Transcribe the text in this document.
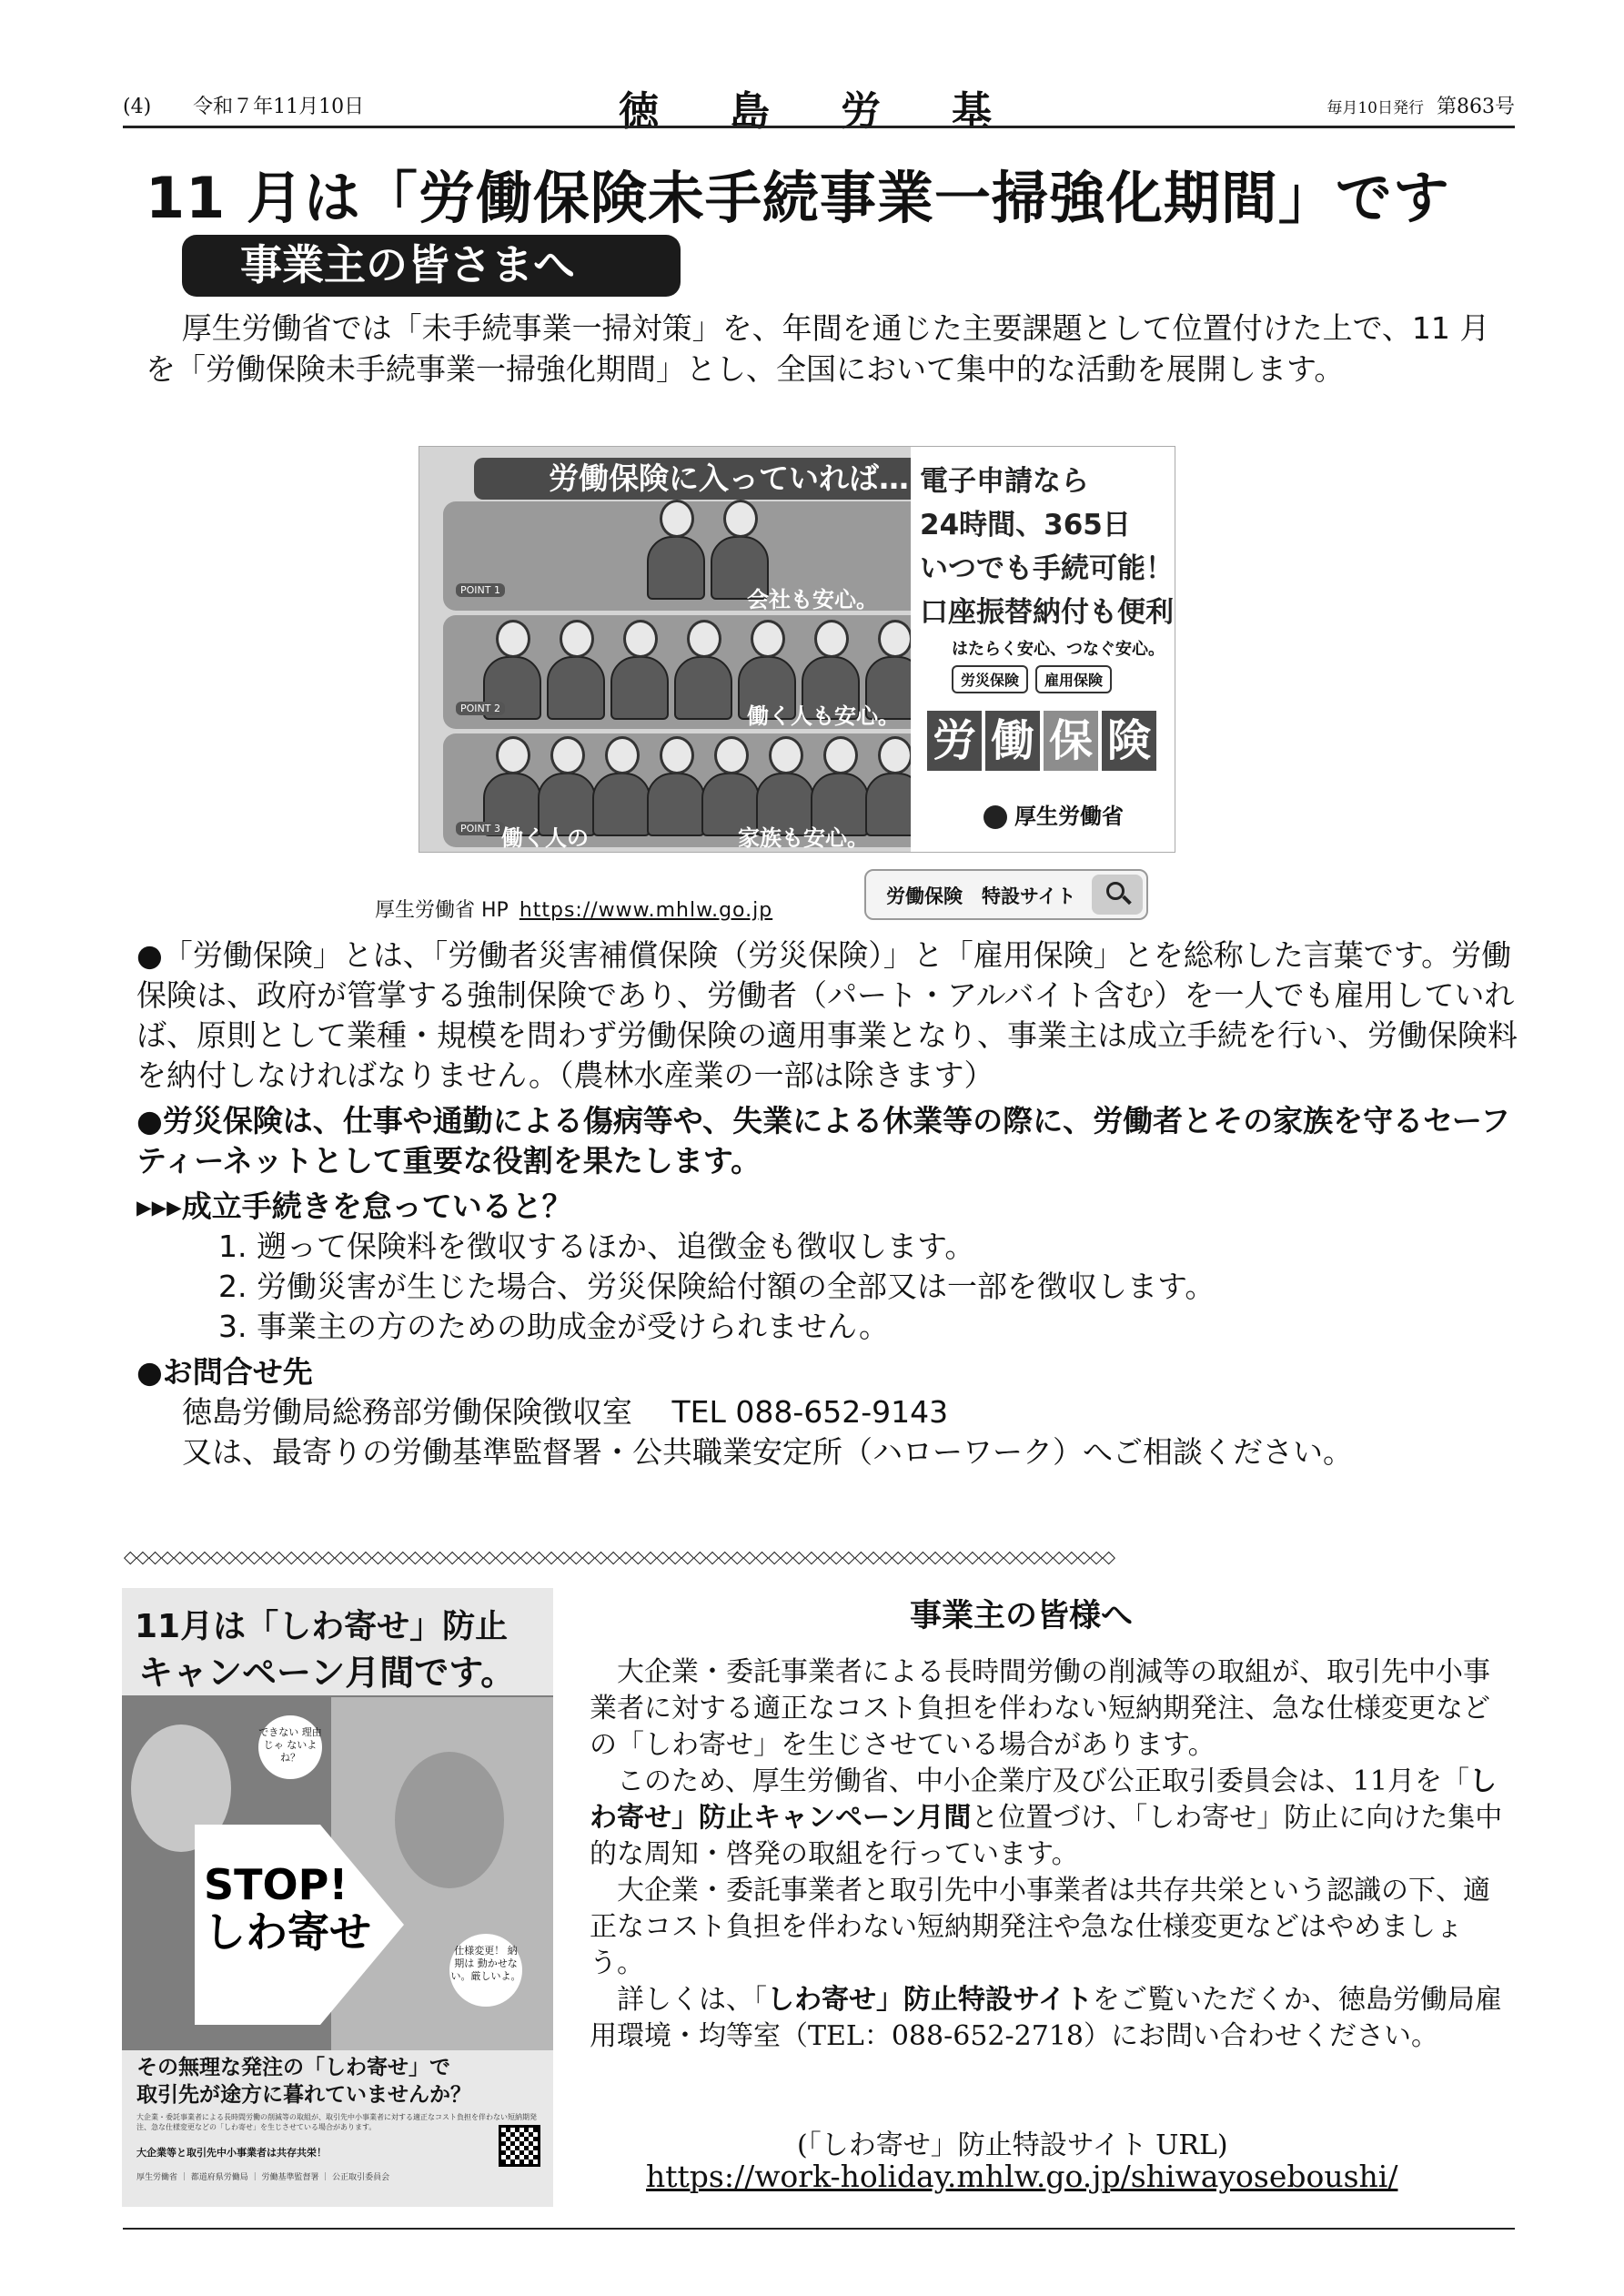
(4) 令和７年11月10日	徳島労基	毎月10日発行 第863号
11 月は「労働保険未手続事業一掃強化期間」です
事業主の皆さまへ
厚生労働省では「未手続事業一掃対策」を、年間を通じた主要課題として位置付けた上で、11 月を「労働保険未手続事業一掃強化期間」とし、全国において集中的な活動を展開します。
労働保険に入っていれば…
POINT 1
POINT 2
POINT 3
会社も安心。
働く人も安心。
働く人の	家族も安心。
電子申請なら
24時間、365日
いつでも手続可能！
口座振替納付も便利
はたらく安心、つなぐ安心。
労災保険	雇用保険
労 働 保 険
厚生労働省
厚生労働省 HP https://www.mhlw.go.jp
労働保険　特設サイト
●「労働保険」とは、「労働者災害補償保険（労災保険）」と「雇用保険」とを総称した言葉です。労働保険は、政府が管掌する強制保険であり、労働者（パート・アルバイト含む）を一人でも雇用していれば、原則として業種・規模を問わず労働保険の適用事業となり、事業主は成立手続を行い、労働保険料を納付しなければなりません。（農林水産業の一部は除きます）
●労災保険は、仕事や通勤による傷病等や、失業による休業等の際に、労働者とその家族を守るセーフティーネットとして重要な役割を果たします。
▸▸▸成立手続きを怠っていると？
1. 遡って保険料を徴収するほか、追徴金も徴収します。
2. 労働災害が生じた場合、労災保険給付額の全部又は一部を徴収します。
3. 事業主の方のための助成金が受けられません。
●お問合せ先
徳島労働局総務部労働保険徴収室　 TEL 088-652-9143
又は、最寄りの労働基準監督署・公共職業安定所（ハローワーク）へご相談ください。
◇◇◇◇◇◇◇◇◇◇◇◇◇◇◇◇◇◇◇◇◇◇◇◇◇◇◇◇◇◇◇◇◇◇◇◇◇◇◇◇◇◇◇◇◇◇◇◇◇◇◇◇◇◇◇◇◇◇◇◇◇◇◇◇◇◇◇◇◇◇◇◇◇◇◇◇◇◇◇◇
11月は「しわ寄せ」防止
キャンペーン月間です。
できない 理由じゃ ないよね？
仕様変更！ 納期は 動かせない。厳しいよ。
STOP!
しわ寄せ
その無理な発注の「しわ寄せ」で
取引先が途方に暮れていませんか？
大企業・委託事業者による長時間労働の削減等の取組が、取引先中小事業者に対する適正なコスト負担を伴わない短納期発注、急な仕様変更などの「しわ寄せ」を生じさせている場合があります。
大企業等と取引先中小事業者は共存共栄！
厚生労働省 ｜ 都道府県労働局 ｜ 労働基準監督署 ｜ 公正取引委員会
事業主の皆様へ
大企業・委託事業者による長時間労働の削減等の取組が、取引先中小事業者に対する適正なコスト負担を伴わない短納期発注、急な仕様変更などの「しわ寄せ」を生じさせている場合があります。
このため、厚生労働省、中小企業庁及び公正取引委員会は、11月を「しわ寄せ」防止キャンペーン月間と位置づけ、「しわ寄せ」防止に向けた集中的な周知・啓発の取組を行っています。
大企業・委託事業者と取引先中小事業者は共存共栄という認識の下、適正なコスト負担を伴わない短納期発注や急な仕様変更などはやめましょう。
詳しくは、「しわ寄せ」防止特設サイトをご覧いただくか、徳島労働局雇用環境・均等室（TEL：088-652-2718）にお問い合わせください。
(「しわ寄せ」防止特設サイト URL)
https://work-holiday.mhlw.go.jp/shiwayoseboushi/
